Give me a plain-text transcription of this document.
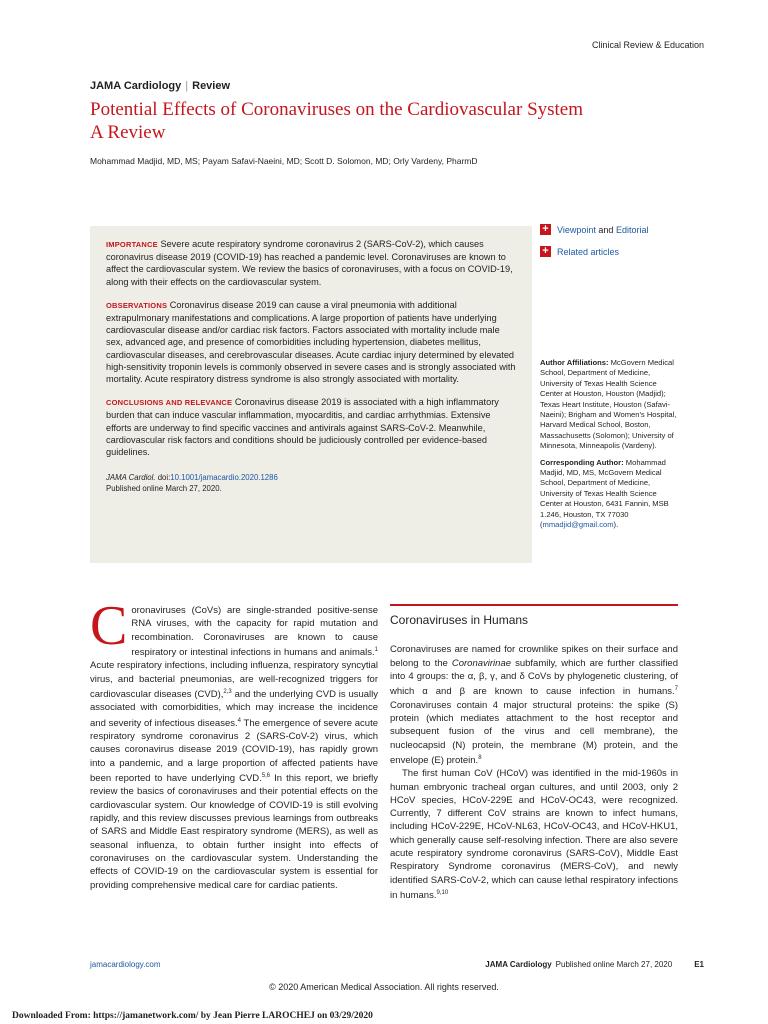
Clinical Review & Education
JAMA Cardiology | Review
Potential Effects of Coronaviruses on the Cardiovascular System
A Review
Mohammad Madjid, MD, MS; Payam Safavi-Naeini, MD; Scott D. Solomon, MD; Orly Vardeny, PharmD

IMPORTANCE Severe acute respiratory syndrome coronavirus 2 (SARS-CoV-2), which causes coronavirus disease 2019 (COVID-19) has reached a pandemic level. Coronaviruses are known to affect the cardiovascular system. We review the basics of coronaviruses, with a focus on COVID-19, along with their effects on the cardiovascular system.

OBSERVATIONS Coronavirus disease 2019 can cause a viral pneumonia with additional extrapulmonary manifestations and complications. A large proportion of patients have underlying cardiovascular disease and/or cardiac risk factors. Factors associated with mortality include male sex, advanced age, and presence of comorbidities including hypertension, diabetes mellitus, cardiovascular diseases, and cerebrovascular diseases. Acute cardiac injury determined by elevated high-sensitivity troponin levels is commonly observed in severe cases and is strongly associated with mortality. Acute respiratory distress syndrome is also strongly associated with mortality.

CONCLUSIONS AND RELEVANCE Coronavirus disease 2019 is associated with a high inflammatory burden that can induce vascular inflammation, myocarditis, and cardiac arrhythmias. Extensive efforts are underway to find specific vaccines and antivirals against SARS-CoV-2. Meanwhile, cardiovascular risk factors and conditions should be judiciously controlled per evidence-based guidelines.

JAMA Cardiol. doi:10.1001/jamacardio.2020.1286
Published online March 27, 2020.
+ Viewpoint
and
Editorial
+ Related articles
Author Affiliations: McGovern Medical School, Department of Medicine, University of Texas Health Science Center at Houston, Houston (Madjid); Texas Heart Institute, Houston (Safavi-Naeini); Brigham and Women's Hospital, Harvard Medical School, Boston, Massachusetts (Solomon); University of Minnesota, Minneapolis (Vardeny).
Corresponding Author: Mohammad Madjid, MD, MS, McGovern Medical School, Department of Medicine, University of Texas Health Science Center at Houston, 6431 Fannin, MSB 1.246, Houston, TX 77030 (mmadjid@gmail.com).
Coronaviruses (CoVs) are single-stranded positive-sense RNA viruses, with the capacity for rapid mutation and recombination. Coronaviruses are known to cause respiratory or intestinal infections in humans and animals.$^1$ Acute respiratory infections, including influenza, respiratory syncytial virus, and bacterial pneumonias, are well-recognized triggers for cardiovascular diseases (CVD),$^{2,3}$ and the underlying CVD is usually associated with comorbidities, which may increase the incidence and severity of infectious diseases.$^4$ The emergence of severe acute respiratory syndrome coronavirus 2 (SARS-CoV-2) virus, which causes coronavirus disease 2019 (COVID-19), has rapidly grown into a pandemic, and a large proportion of affected patients have been reported to have underlying CVD.$^{5,6}$ In this report, we briefly review the basics of coronaviruses and their potential effects on the cardiovascular system. Our knowledge of COVID-19 is still evolving rapidly, and this review discusses previous learnings from outbreaks of SARS and Middle East respiratory syndrome (MERS), as well as seasonal influenza, to obtain further insight into effects of coronaviruses on the cardiovascular system. Understanding the effects of COVID-19 on the cardiovascular system is essential for providing comprehensive medical care for cardiac patients.
Coronaviruses in Humans

Coronaviruses are named for crownlike spikes on their surface and belong to the Coronavirinae subfamily, which are further classified into 4 groups: the α, β, γ, and δ CoVs by phylogenetic clustering, of which α and β are known to cause infection in humans.$^7$ Coronaviruses contain 4 major structural proteins: the spike (S) protein (which mediates attachment to the host receptor and subsequent fusion of the virus and cell membrane), the nucleocapsid (N) protein, the membrane (M) protein, and the envelope (E) protein.$^8$

The first human CoV (HCoV) was identified in the mid-1960s in human embryonic tracheal organ cultures, and until 2003, only 2 HCoV species, HCoV-229E and HCoV-OC43, were recognized. Currently, 7 different CoV strains are known to infect humans, including HCoV-229E, HCoV-NL63, HCoV-OC43, and HCoV-HKU1, which generally cause self-resolving infection. There are also severe acute respiratory syndrome coronavirus (SARS-CoV), Middle East Respiratory Syndrome coronavirus (MERS-CoV), and newly identified SARS-CoV-2, which can cause lethal respiratory infections in humans.$^{9,10}$

jamacardiology.com	JAMA Cardiology Published online March 27, 2020	E1
© 2020 American Medical Association. All rights reserved.
Downloaded From: https://jamanetwork.com/ by Jean Pierre LAROCHEJ on 03/29/2020
